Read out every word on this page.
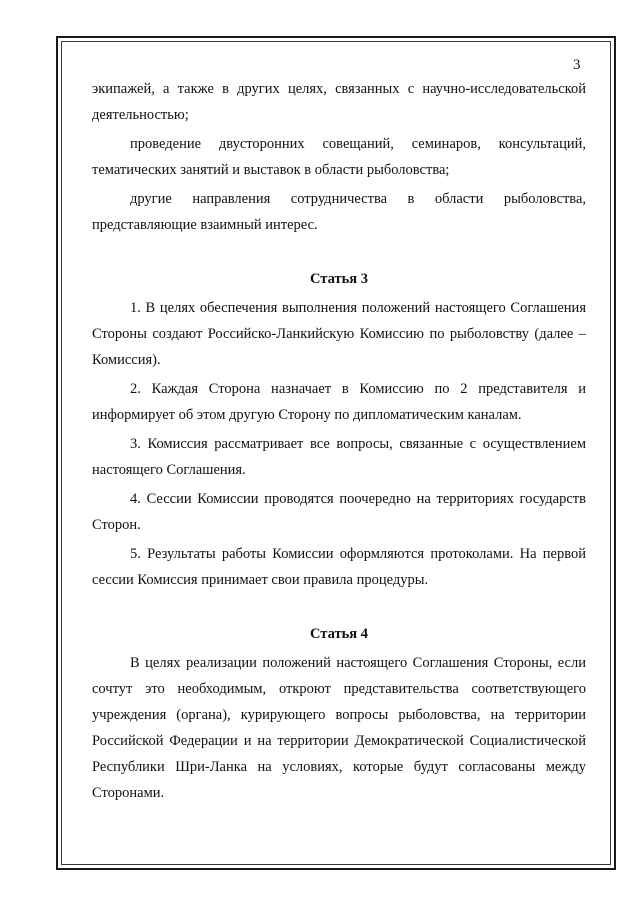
3

экипажей, а также в других целях, связанных с научно-исследовательской деятельностью;

проведение двусторонних совещаний, семинаров, консультаций, тематических занятий и выставок в области рыболовства;

другие направления сотрудничества в области рыболовства, представляющие взаимный интерес.

Статья 3

1. В целях обеспечения выполнения положений настоящего Соглашения Стороны создают Российско-Ланкийскую Комиссию по рыболовству (далее – Комиссия).

2. Каждая Сторона назначает в Комиссию по 2 представителя и информирует об этом другую Сторону по дипломатическим каналам.

3. Комиссия рассматривает все вопросы, связанные с осуществлением настоящего Соглашения.

4. Сессии Комиссии проводятся поочередно на территориях государств Сторон.

5. Результаты работы Комиссии оформляются протоколами. На первой сессии Комиссия принимает свои правила процедуры.

Статья 4

В целях реализации положений настоящего Соглашения Стороны, если сочтут это необходимым, откроют представительства соответствующего учреждения (органа), курирующего вопросы рыболовства, на территории Российской Федерации и на территории Демократической Социалистической Республики Шри-Ланка на условиях, которые будут согласованы между Сторонами.
